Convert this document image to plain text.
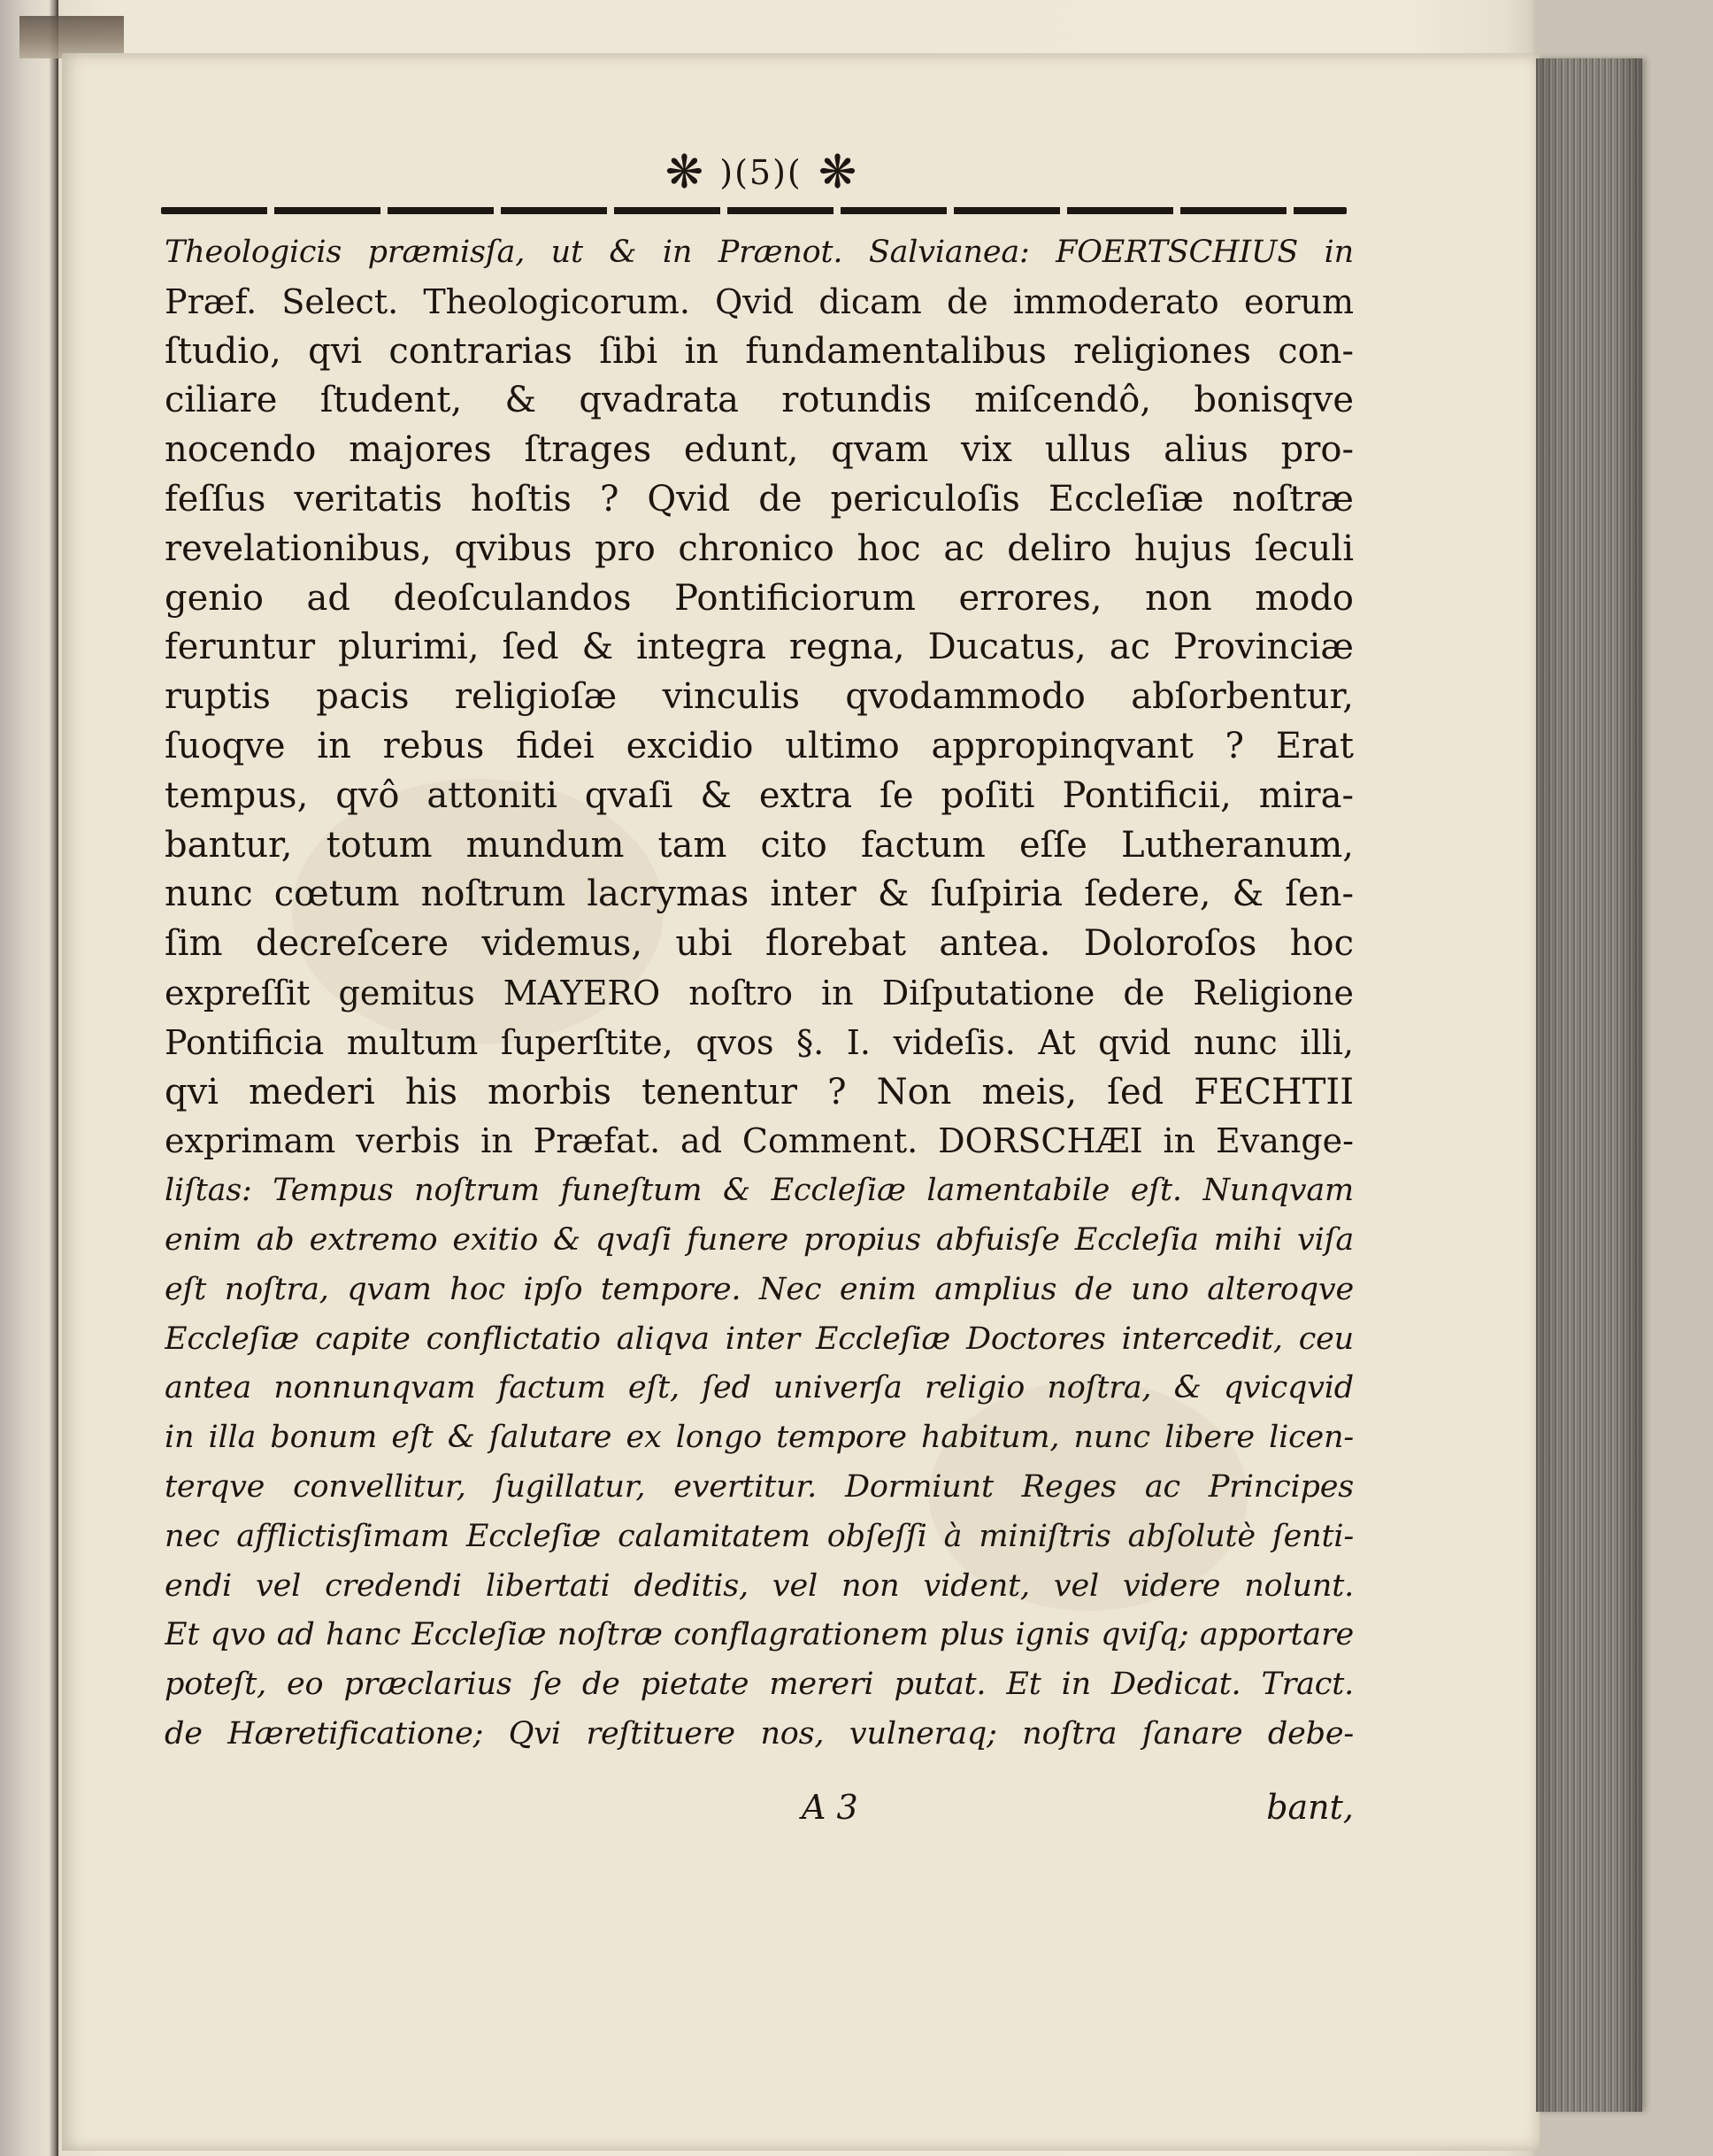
❋ )(5)( ❋
Theologicis præmisſa, ut & in Prænot. Salvianea: FOERTSCHIUS in
Præf. Select. Theologicorum. Qvid dicam de immoderato eorum
ſtudio, qvi contrarias ſibi in fundamentalibus religiones con-
ciliare ſtudent, & qvadrata rotundis miſcendô, bonisqve
nocendo majores ſtrages edunt, qvam vix ullus alius pro-
feſſus veritatis hoſtis ? Qvid de periculoſis Eccleſiæ noſtræ
revelationibus, qvibus pro chronico hoc ac deliro hujus ſeculi
genio ad deoſculandos Pontificiorum errores, non modo
feruntur plurimi, ſed & integra regna, Ducatus, ac Provinciæ
ruptis pacis religioſæ vinculis qvodammodo abſorbentur,
ſuoqve in rebus fidei excidio ultimo appropinqvant ? Erat
tempus, qvô attoniti qvaſi & extra ſe poſiti Pontificii, mira-
bantur, totum mundum tam cito factum eſſe Lutheranum,
nunc cœtum noſtrum lacrymas inter & ſuſpiria ſedere, & ſen-
ſim decreſcere videmus, ubi florebat antea. Doloroſos hoc
expreſſit gemitus MAYERO noſtro in Diſputatione de Religione
Pontificia multum ſuperſtite, qvos §. I. videſis. At qvid nunc illi,
qvi mederi his morbis tenentur ? Non meis, ſed FECHTII
exprimam verbis in Præfat. ad Comment. DORSCHÆI in Evange-
liſtas: Tempus noſtrum funeſtum & Eccleſiæ lamentabile eſt. Nunqvam
enim ab extremo exitio & qvaſi funere propius abfuisſe Eccleſia mihi viſa
eſt noſtra, qvam hoc ipſo tempore. Nec enim amplius de uno alteroqve
Eccleſiæ capite conflictatio aliqva inter Eccleſiæ Doctores intercedit, ceu
antea nonnunqvam factum eſt, ſed univerſa religio noſtra, & qvicqvid
in illa bonum eſt & ſalutare ex longo tempore habitum, nunc libere licen-
terqve convellitur, ſugillatur, evertitur. Dormiunt Reges ac Principes
nec afflictisſimam Eccleſiæ calamitatem obſeſſi à miniſtris abſolutè ſenti-
endi vel credendi libertati deditis, vel non vident, vel videre nolunt.
Et qvo ad hanc Eccleſiæ noſtræ conflagrationem plus ignis qviſq; apportare
poteſt, eo præclarius ſe de pietate mereri putat. Et in Dedicat. Tract.
de Hæretificatione; Qvi reſtituere nos, vulneraq; noſtra ſanare debe-
A 3	bant,
